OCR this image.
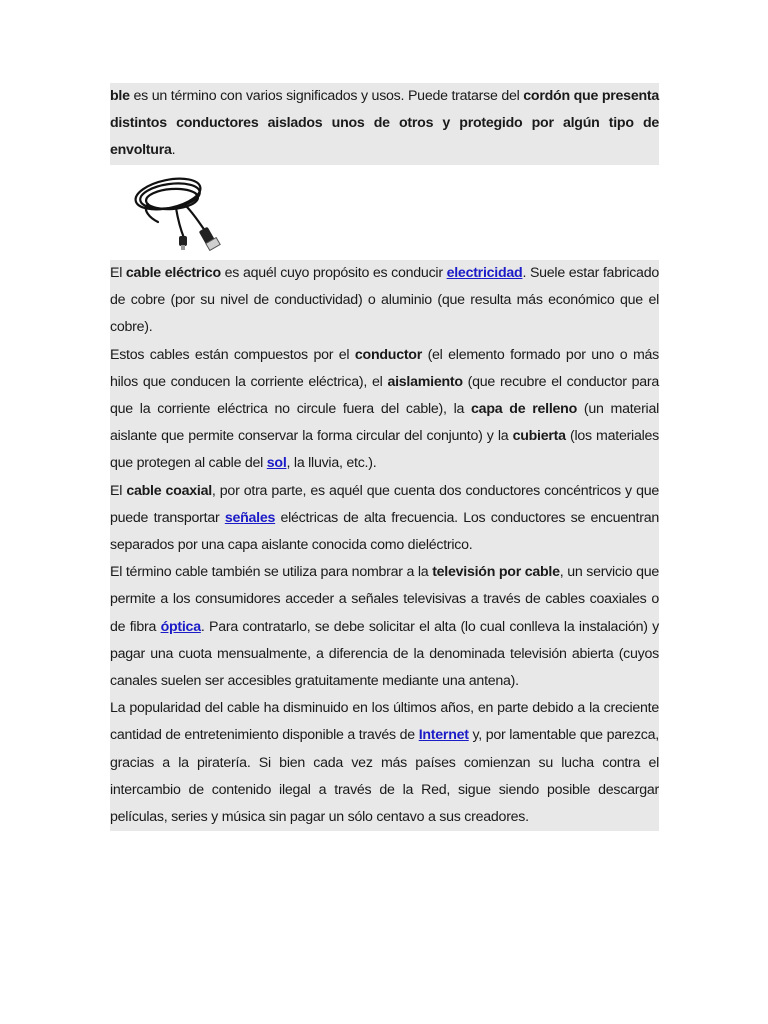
ble es un término con varios significados y usos. Puede tratarse del cordón que presenta distintos conductores aislados unos de otros y protegido por algún tipo de envoltura.

El cable eléctrico es aquél cuyo propósito es conducir electricidad. Suele estar fabricado de cobre (por su nivel de conductividad) o aluminio (que resulta más económico que el cobre).

Estos cables están compuestos por el conductor (el elemento formado por uno o más hilos que conducen la corriente eléctrica), el aislamiento (que recubre el conductor para que la corriente eléctrica no circule fuera del cable), la capa de relleno (un material aislante que permite conservar la forma circular del conjunto) y la cubierta (los materiales que protegen al cable del sol, la lluvia, etc.).

El cable coaxial, por otra parte, es aquél que cuenta dos conductores concéntricos y que puede transportar señales eléctricas de alta frecuencia. Los conductores se encuentran separados por una capa aislante conocida como dieléctrico.

El término cable también se utiliza para nombrar a la televisión por cable, un servicio que permite a los consumidores acceder a señales televisivas a través de cables coaxiales o de fibra óptica. Para contratarlo, se debe solicitar el alta (lo cual conlleva la instalación) y pagar una cuota mensualmente, a diferencia de la denominada televisión abierta (cuyos canales suelen ser accesibles gratuitamente mediante una antena).

La popularidad del cable ha disminuido en los últimos años, en parte debido a la creciente cantidad de entretenimiento disponible a través de Internet y, por lamentable que parezca, gracias a la piratería. Si bien cada vez más países comienzan su lucha contra el intercambio de contenido ilegal a través de la Red, sigue siendo posible descargar películas, series y música sin pagar un sólo centavo a sus creadores.
